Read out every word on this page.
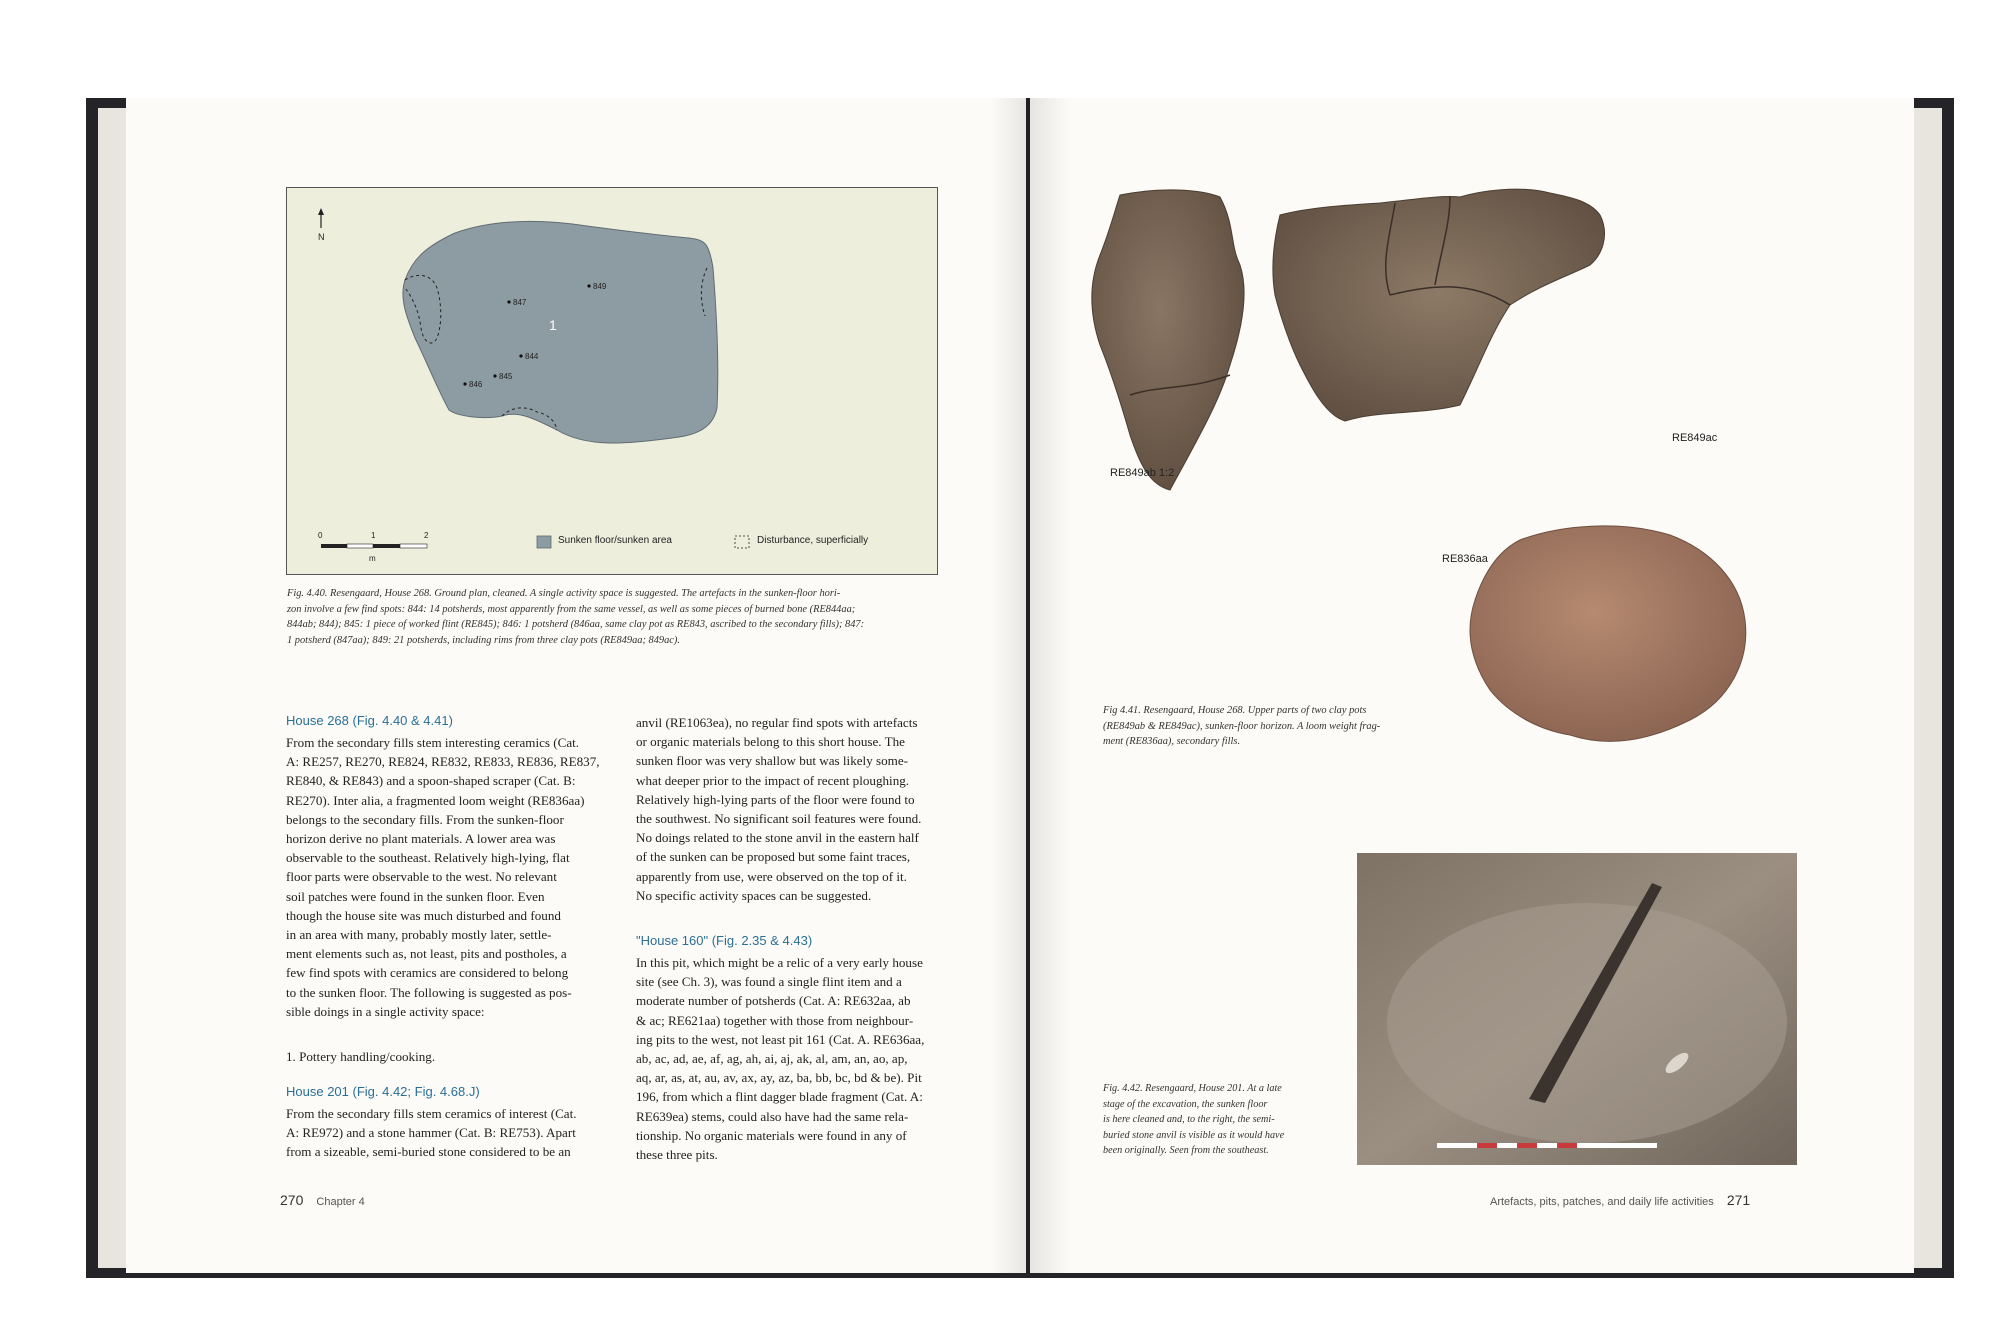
N
849
847
1
844
845
846
0	1	2
m
Sunken floor/sunken area	Disturbance, superficially
Fig. 4.40. Resengaard, House 268. Ground plan, cleaned. A single activity space is suggested. The artefacts in the sunken-floor hori-
zon involve a few find spots: 844: 14 potsherds, most apparently from the same vessel, as well as some pieces of burned bone (RE844aa;
844ab; 844); 845: 1 piece of worked flint (RE845); 846: 1 potsherd (846aa, same clay pot as RE843, ascribed to the secondary fills); 847:
1 potsherd (847aa); 849: 21 potsherds, including rims from three clay pots (RE849aa; 849ac).
House 268 (Fig. 4.40 & 4.41)
From the secondary fills stem interesting ceramics (Cat.
A: RE257, RE270, RE824, RE832, RE833, RE836, RE837,
RE840, & RE843) and a spoon-shaped scraper (Cat. B:
RE270). Inter alia, a fragmented loom weight (RE836aa)
belongs to the secondary fills. From the sunken-floor
horizon derive no plant materials. A lower area was
observable to the southeast. Relatively high-lying, flat
floor parts were observable to the west. No relevant
soil patches were found in the sunken floor. Even
though the house site was much disturbed and found
in an area with many, probably mostly later, settle-
ment elements such as, not least, pits and postholes, a
few find spots with ceramics are considered to belong
to the sunken floor. The following is suggested as pos-
sible doings in a single activity space:
1. Pottery handling/cooking.
House 201 (Fig. 4.42; Fig. 4.68.J)
From the secondary fills stem ceramics of interest (Cat.
A: RE972) and a stone hammer (Cat. B: RE753). Apart
from a sizeable, semi-buried stone considered to be an
anvil (RE1063ea), no regular find spots with artefacts
or organic materials belong to this short house. The
sunken floor was very shallow but was likely some-
what deeper prior to the impact of recent ploughing.
Relatively high-lying parts of the floor were found to
the southwest. No significant soil features were found.
No doings related to the stone anvil in the eastern half
of the sunken can be proposed but some faint traces,
apparently from use, were observed on the top of it.
No specific activity spaces can be suggested.
"House 160" (Fig. 2.35 & 4.43)
In this pit, which might be a relic of a very early house
site (see Ch. 3), was found a single flint item and a
moderate number of potsherds (Cat. A: RE632aa, ab
& ac; RE621aa) together with those from neighbour-
ing pits to the west, not least pit 161 (Cat. A. RE636aa,
ab, ac, ad, ae, af, ag, ah, ai, aj, ak, al, am, an, ao, ap,
aq, ar, as, at, au, av, ax, ay, az, ba, bb, bc, bd & be). Pit
196, from which a flint dagger blade fragment (Cat. A:
RE639ea) stems, could also have had the same rela-
tionship. No organic materials were found in any of
these three pits.
270 Chapter 4
RE849ab 1:2
RE849ac
RE836aa
Fig 4.41. Resengaard, House 268. Upper parts of two clay pots
(RE849ab & RE849ac), sunken-floor horizon. A loom weight frag-
ment (RE836aa), secondary fills.
Fig. 4.42. Resengaard, House 201. At a late
stage of the excavation, the sunken floor
is here cleaned and, to the right, the semi-
buried stone anvil is visible as it would have
been originally. Seen from the southeast.
Artefacts, pits, patches, and daily life activities 271
